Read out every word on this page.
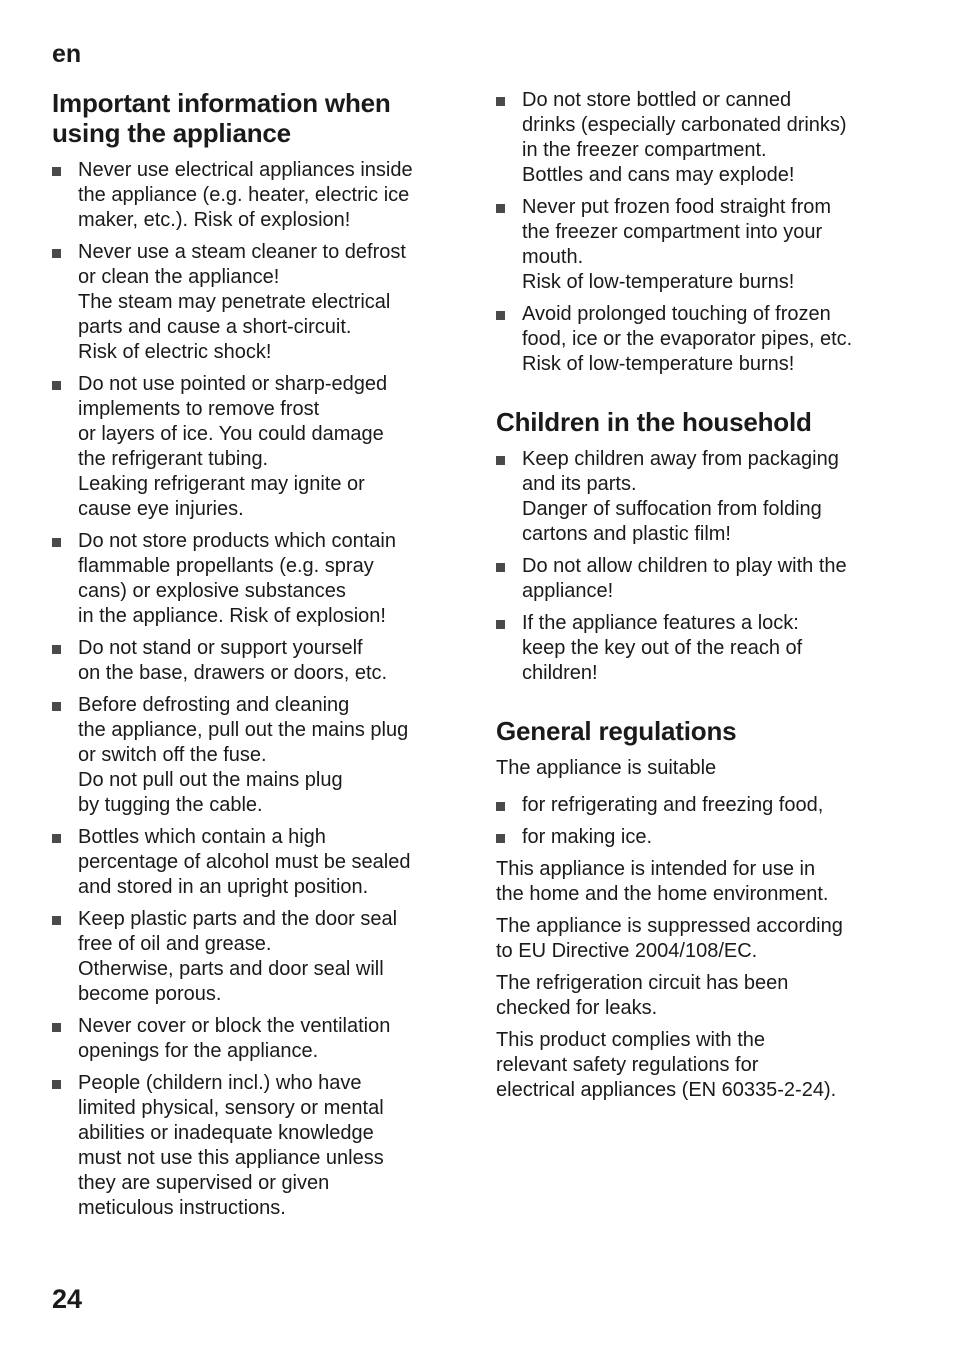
en
Important information when
using the appliance
Never use electrical appliances inside
the appliance (e.g. heater, electric ice
maker, etc.). Risk of explosion!
Never use a steam cleaner to defrost
or clean the appliance!
The steam may penetrate electrical
parts and cause a short-circuit.
Risk of electric shock!
Do not use pointed or sharp-edged
implements to remove frost
or layers of ice. You could damage
the refrigerant tubing.
Leaking refrigerant may ignite or
cause eye injuries.
Do not store products which contain
flammable propellants (e.g. spray
cans) or explosive substances
in the appliance. Risk of explosion!
Do not stand or support yourself
on the base, drawers or doors, etc.
Before defrosting and cleaning
the appliance, pull out the mains plug
or switch off the fuse.
Do not pull out the mains plug
by tugging the cable.
Bottles which contain a high
percentage of alcohol must be sealed
and stored in an upright position.
Keep plastic parts and the door seal
free of oil and grease.
Otherwise, parts and door seal will
become porous.
Never cover or block the ventilation
openings for the appliance.
People (childern incl.) who have
limited physical, sensory or mental
abilities or inadequate knowledge
must not use this appliance unless
they are supervised or given
meticulous instructions.
Do not store bottled or canned
drinks (especially carbonated drinks)
in the freezer compartment.
Bottles and cans may explode!
Never put frozen food straight from
the freezer compartment into your
mouth.
Risk of low-temperature burns!
Avoid prolonged touching of frozen
food, ice or the evaporator pipes, etc.
Risk of low-temperature burns!
Children in the household
Keep children away from packaging
and its parts.
Danger of suffocation from folding
cartons and plastic film!
Do not allow children to play with the
appliance!
If the appliance features a lock:
keep the key out of the reach of
children!
General regulations

The appliance is suitable

for refrigerating and freezing food,
for making ice.

This appliance is intended for use in
the home and the home environment.

The appliance is suppressed according
to EU Directive 2004/108/EC.

The refrigeration circuit has been
checked for leaks.

This product complies with the
relevant safety regulations for
electrical appliances (EN 60335-2-24).

24
